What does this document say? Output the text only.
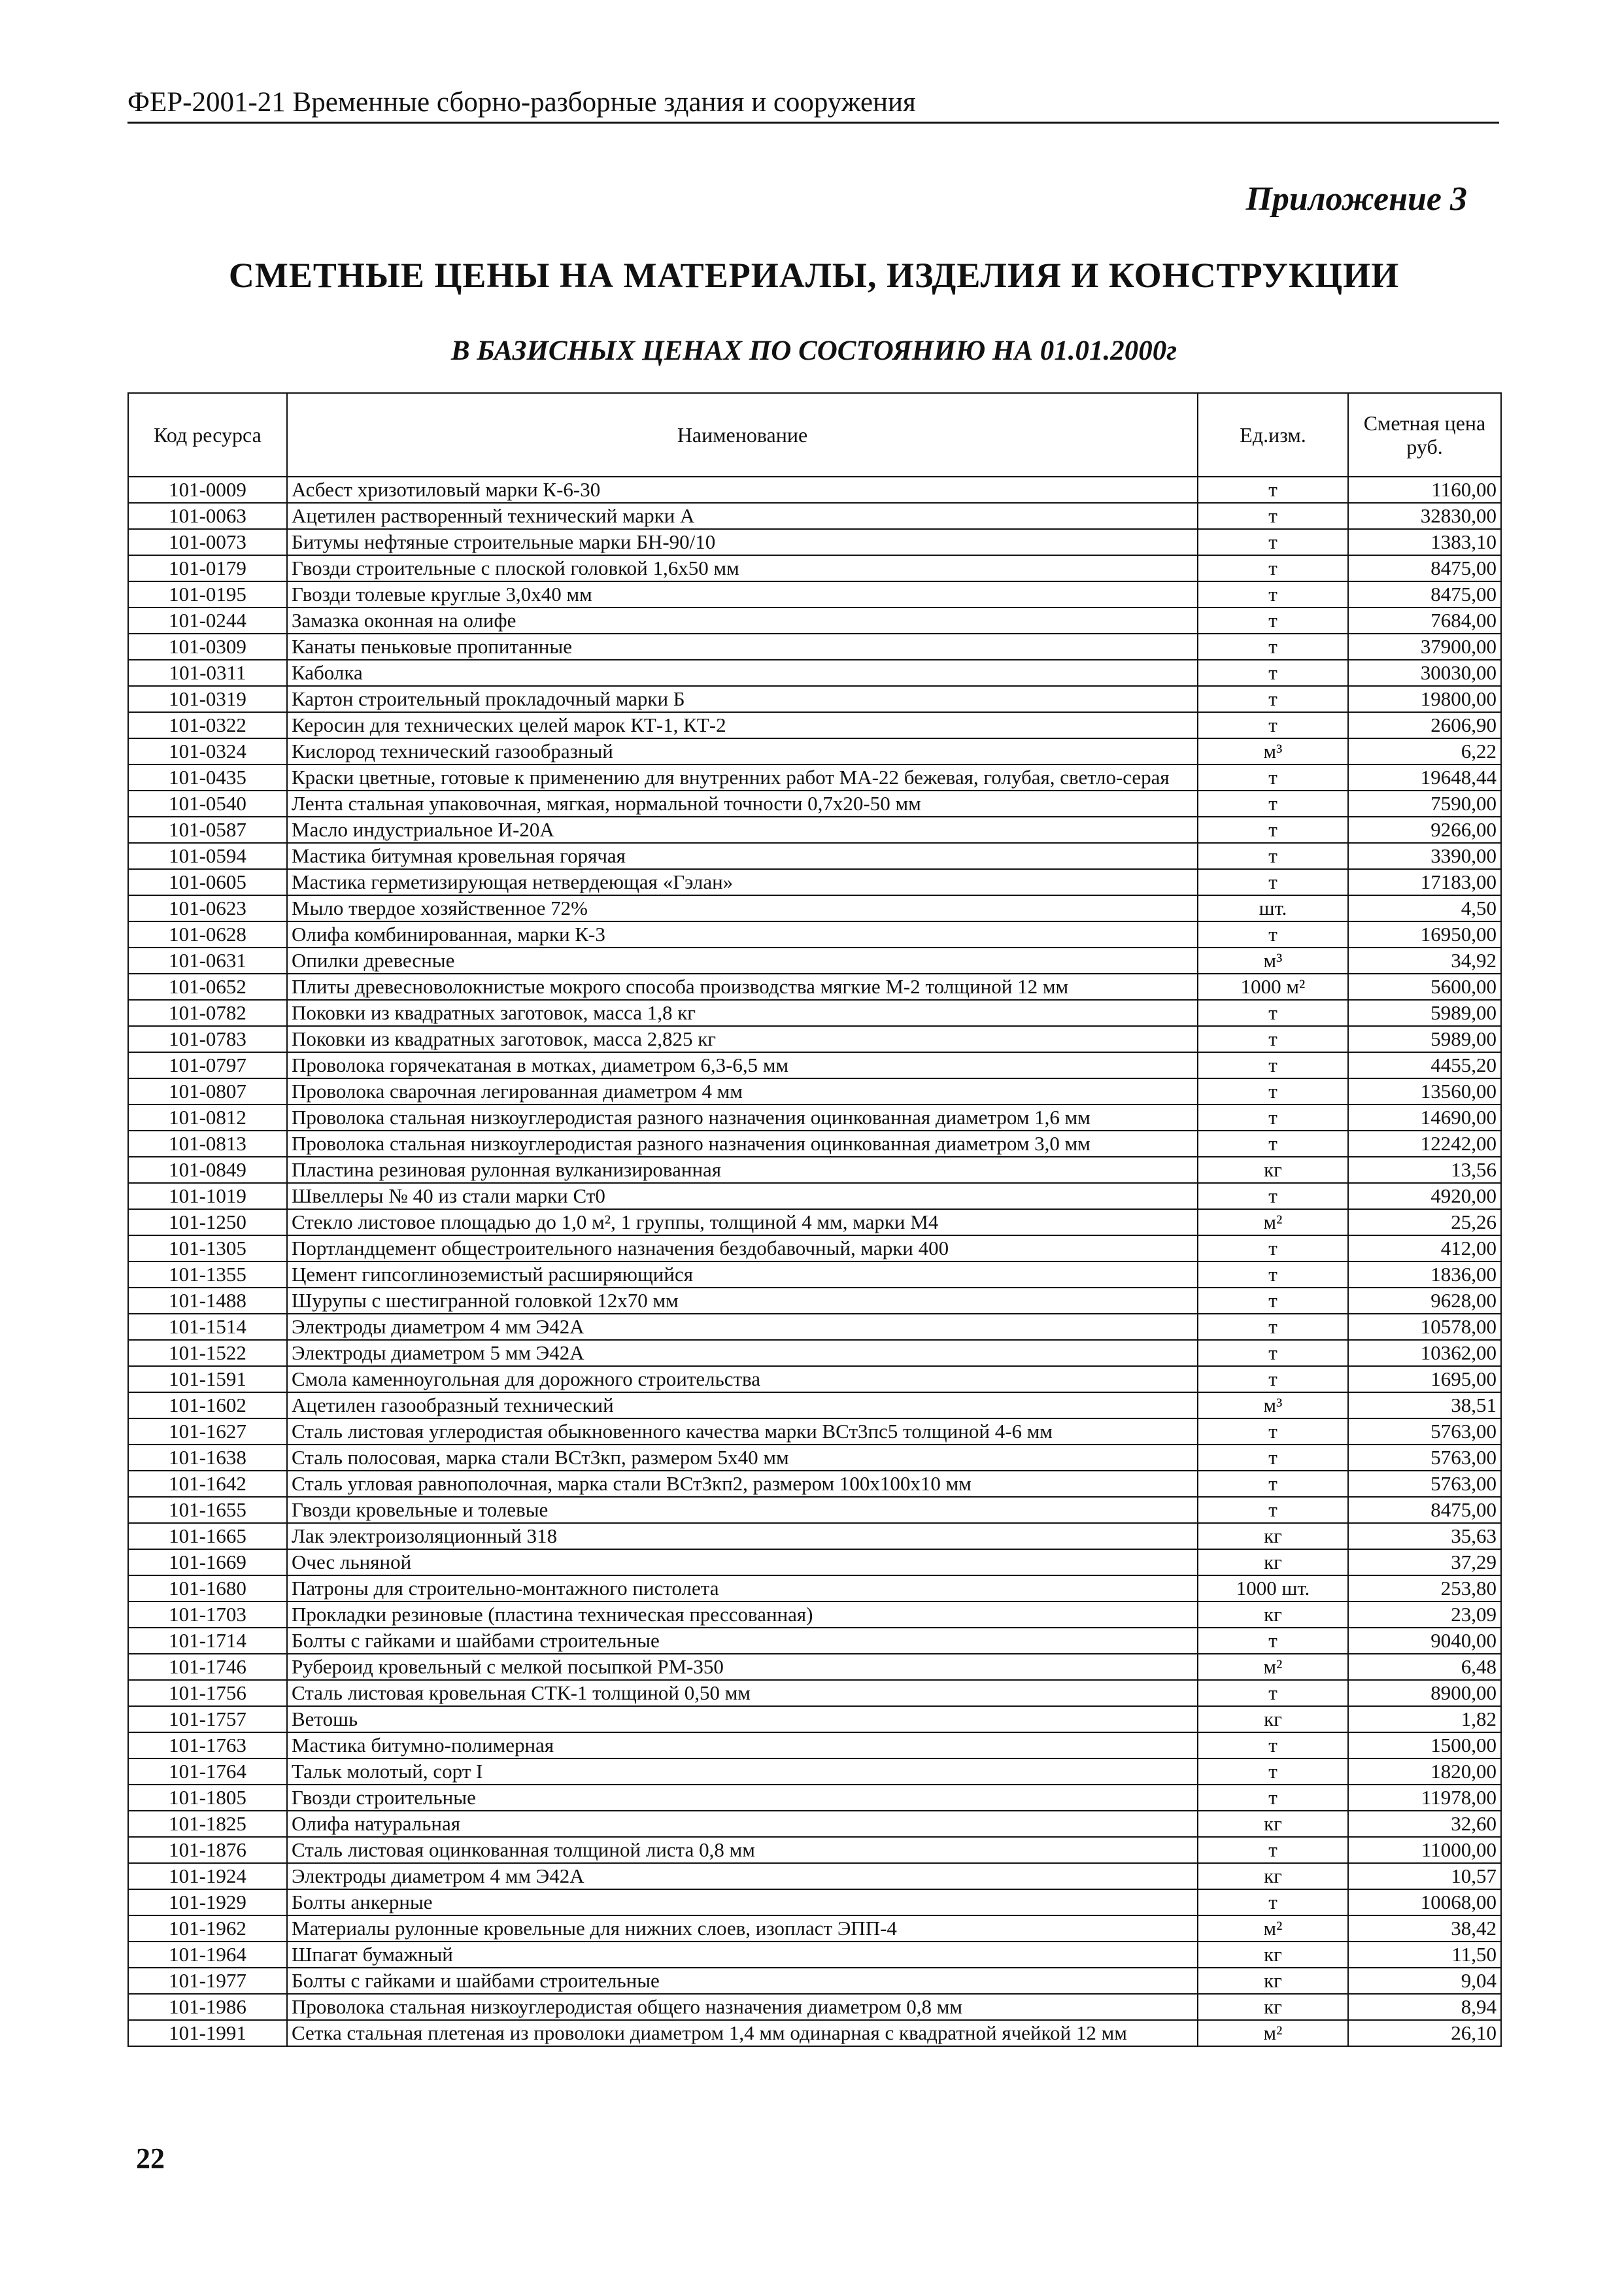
ФЕР-2001-21 Временные сборно-разборные здания и сооружения
Приложение 3
СМЕТНЫЕ ЦЕНЫ НА МАТЕРИАЛЫ, ИЗДЕЛИЯ И КОНСТРУКЦИИ
В БАЗИСНЫХ ЦЕНАХ ПО СОСТОЯНИЮ НА 01.01.2000г
Код ресурса	Наименование	Ед.изм.	Сметная цена руб.
101-0009	Асбест хризотиловый марки К-6-30	т	1160,00
101-0063	Ацетилен растворенный технический марки А	т	32830,00
101-0073	Битумы нефтяные строительные марки БН-90/10	т	1383,10
101-0179	Гвозди строительные с плоской головкой 1,6х50 мм	т	8475,00
101-0195	Гвозди толевые круглые 3,0х40 мм	т	8475,00
101-0244	Замазка оконная на олифе	т	7684,00
101-0309	Канаты пеньковые пропитанные	т	37900,00
101-0311	Каболка	т	30030,00
101-0319	Картон строительный прокладочный марки Б	т	19800,00
101-0322	Керосин для технических целей марок КТ-1, КТ-2	т	2606,90
101-0324	Кислород технический газообразный	м³	6,22
101-0435	Краски цветные, готовые к применению для внутренних работ МА-22 бежевая, голубая, светло-серая	т	19648,44
101-0540	Лента стальная упаковочная, мягкая, нормальной точности 0,7х20-50 мм	т	7590,00
101-0587	Масло индустриальное И-20А	т	9266,00
101-0594	Мастика битумная кровельная горячая	т	3390,00
101-0605	Мастика герметизирующая нетвердеющая «Гэлан»	т	17183,00
101-0623	Мыло твердое хозяйственное 72%	шт.	4,50
101-0628	Олифа комбинированная, марки К-3	т	16950,00
101-0631	Опилки древесные	м³	34,92
101-0652	Плиты древесноволокнистые мокрого способа производства мягкие М-2 толщиной 12 мм	1000 м²	5600,00
101-0782	Поковки из квадратных заготовок, масса 1,8 кг	т	5989,00
101-0783	Поковки из квадратных заготовок, масса 2,825 кг	т	5989,00
101-0797	Проволока горячекатаная в мотках, диаметром 6,3-6,5 мм	т	4455,20
101-0807	Проволока сварочная легированная диаметром 4 мм	т	13560,00
101-0812	Проволока стальная низкоуглеродистая разного назначения оцинкованная диаметром 1,6 мм	т	14690,00
101-0813	Проволока стальная низкоуглеродистая разного назначения оцинкованная диаметром 3,0 мм	т	12242,00
101-0849	Пластина резиновая рулонная вулканизированная	кг	13,56
101-1019	Швеллеры № 40 из стали марки Ст0	т	4920,00
101-1250	Стекло листовое площадью до 1,0 м², 1 группы, толщиной 4 мм, марки М4	м²	25,26
101-1305	Портландцемент общестроительного назначения бездобавочный, марки 400	т	412,00
101-1355	Цемент гипсоглиноземистый расширяющийся	т	1836,00
101-1488	Шурупы с шестигранной головкой 12х70 мм	т	9628,00
101-1514	Электроды диаметром 4 мм Э42А	т	10578,00
101-1522	Электроды диаметром 5 мм Э42А	т	10362,00
101-1591	Смола каменноугольная для дорожного строительства	т	1695,00
101-1602	Ацетилен газообразный технический	м³	38,51
101-1627	Сталь листовая углеродистая обыкновенного качества марки ВСт3пс5 толщиной 4-6 мм	т	5763,00
101-1638	Сталь полосовая, марка стали ВСт3кп, размером 5х40 мм	т	5763,00
101-1642	Сталь угловая равнополочная, марка стали ВСт3кп2, размером 100х100х10 мм	т	5763,00
101-1655	Гвозди кровельные и толевые	т	8475,00
101-1665	Лак электроизоляционный 318	кг	35,63
101-1669	Очес льняной	кг	37,29
101-1680	Патроны для строительно-монтажного пистолета	1000 шт.	253,80
101-1703	Прокладки резиновые (пластина техническая прессованная)	кг	23,09
101-1714	Болты с гайками и шайбами строительные	т	9040,00
101-1746	Рубероид кровельный с мелкой посыпкой РМ-350	м²	6,48
101-1756	Сталь листовая кровельная СТК-1 толщиной 0,50 мм	т	8900,00
101-1757	Ветошь	кг	1,82
101-1763	Мастика битумно-полимерная	т	1500,00
101-1764	Тальк молотый, сорт I	т	1820,00
101-1805	Гвозди строительные	т	11978,00
101-1825	Олифа натуральная	кг	32,60
101-1876	Сталь листовая оцинкованная толщиной листа 0,8 мм	т	11000,00
101-1924	Электроды диаметром 4 мм Э42А	кг	10,57
101-1929	Болты анкерные	т	10068,00
101-1962	Материалы рулонные кровельные для нижних слоев, изопласт ЭПП-4	м²	38,42
101-1964	Шпагат бумажный	кг	11,50
101-1977	Болты с гайками и шайбами строительные	кг	9,04
101-1986	Проволока стальная низкоуглеродистая общего назначения диаметром 0,8 мм	кг	8,94
101-1991	Сетка стальная плетеная из проволоки диаметром 1,4 мм одинарная с квадратной ячейкой 12 мм	м²	26,10
22
